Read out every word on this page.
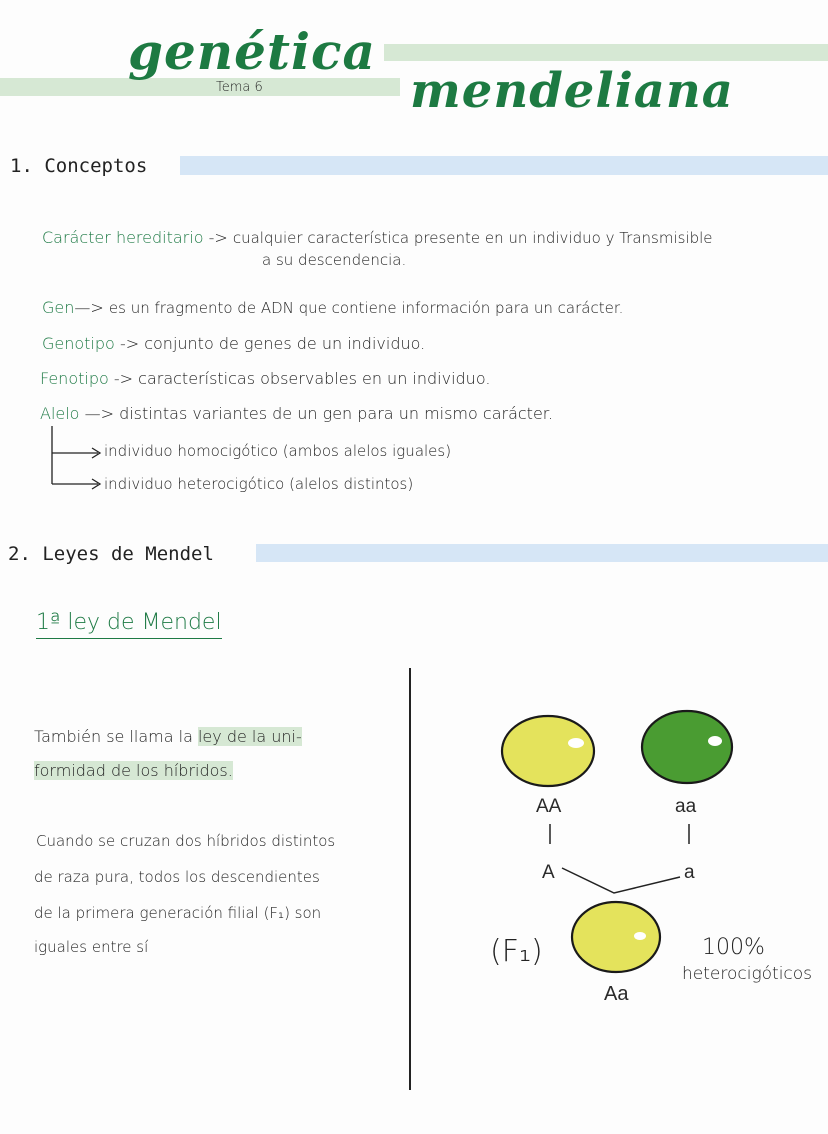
genética
mendeliana
Tema 6
1. Conceptos
Carácter hereditario -> cualquier característica presente en un individuo y Transmisible
a su descendencia.
Gen—> es un fragmento de ADN que contiene información para un carácter.
Genotipo -> conjunto de genes de un individuo.
Fenotipo -> características observables en un individuo.
Alelo —> distintas variantes de un gen para un mismo carácter.
individuo homocigótico (ambos alelos iguales)
individuo heterocigótico (alelos distintos)
2. Leyes de Mendel
1ª ley de Mendel
También se llama la ley de la uni-
formidad de los híbridos.
Cuando se cruzan dos híbridos distintos
de raza pura, todos los descendientes
de la primera generación filial (F₁) son
iguales entre sí
AA	aa
A	a
Aa
(F₁)	100%
heterocigóticos
